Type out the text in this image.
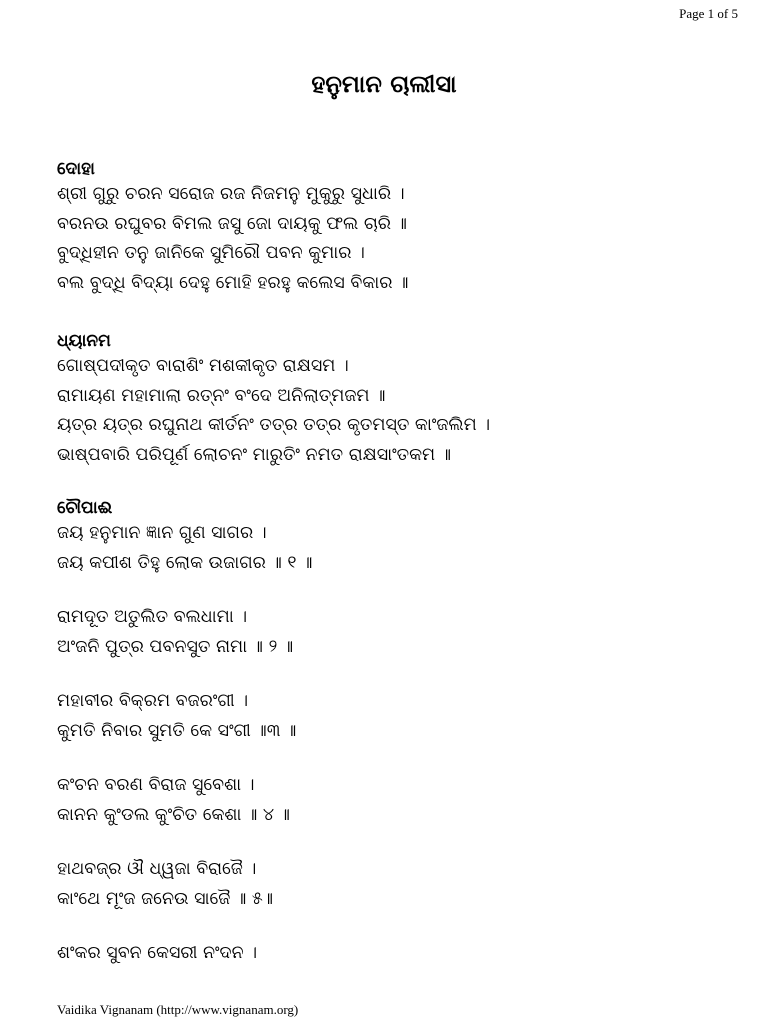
Page 1 of 5
ହନୁମାନ ଚାଲୀସା
ଦୋହା
ଶ୍ରୀ ଗୁରୁ ଚରନ ସରୋଜ ରଜ ନିଜମନୁ ମୁକୁରୁ ସୁଧାରି ।
ବରନଉ ରଘୁବର ବିମଲ ଜସୁ ଜୋ ଦାୟକୁ ଫଲ ଚାରି ॥
ବୁଦ୍ଧିହୀନ ତନୁ ଜାନିକେ ସୁମିରୌ ପବନ କୁମାର ।
ବଲ ବୁଦ୍ଧି ବିଦ୍ୟା ଦେହୁ ମୋହି ହରହୁ କଲେସ ବିକାର ॥
ଧ୍ୟାନମ
ଗୋଷ୍ପଦୀକୃତ ବାରାଶିଂ ମଶକୀକୃତ ରାକ୍ଷସମ ।
ରାମାୟଣ ମହାମାଲା ରତ୍ନଂ ବଂଦେ ଅନିଲାତ୍ମଜମ ॥
ୟତ୍ର ୟତ୍ର ରଘୁନାଥ କୀର୍ତନଂ ତତ୍ର ତତ୍ର କୃତମସ୍ତ କାଂଜଲିମ ।
ଭାଷ୍ପବାରି ପରିପୂର୍ଣ ଲୋଚନଂ ମାରୁତିଂ ନମତ ରାକ୍ଷସାଂତକମ ॥
ଚୌପାଈ
ଜୟ ହନୁମାନ ଜ୍ଞାନ ଗୁଣ ସାଗର ।
ଜୟ କପୀଶ ତିହୁ ଲୋକ ଉଜାଗର ॥ ୧ ॥
ରାମଦୂତ ଅତୁଲିତ ବଲଧାମା ।
ଅଂଜନି ପୁତ୍ର ପବନସୁତ ନାମା ॥ ୨ ॥
ମହାବୀର ବିକ୍ରମ ବଜରଂଗୀ ।
କୁମତି ନିବାର ସୁମତି କେ ସଂଗୀ ॥୩ ॥
କଂଚନ ବରଣ ବିରାଜ ସୁବେଶା ।
କାନନ କୁଂଡଲ କୁଂଚିତ କେଶା ॥ ୪ ॥
ହାଥବଜ୍ର ଔ ଧ୍ୱଜା ବିରାଜୈ ।
କାଂଥେ ମୂଂଜ ଜନେଉ ସାଜୈ ॥ ୫॥
ଶଂକର ସୁବନ କେସରୀ ନଂଦନ ।
Vaidika Vignanam (http://www.vignanam.org)
